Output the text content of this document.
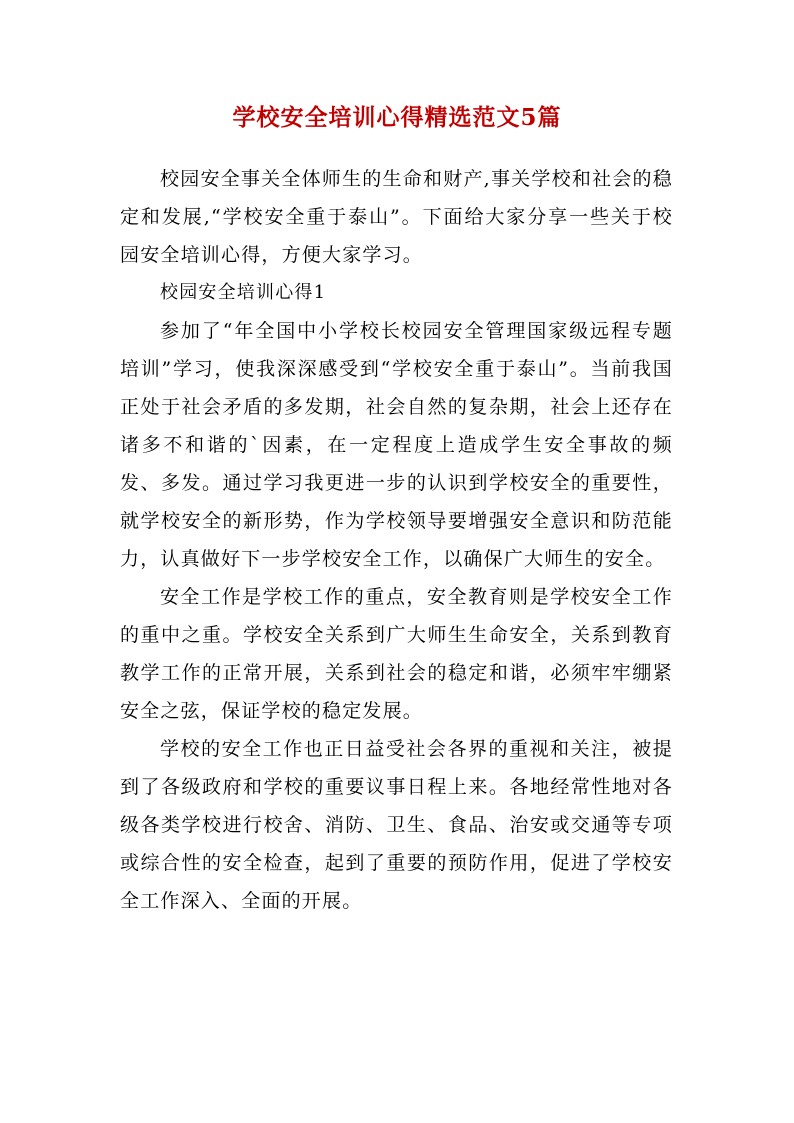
学校安全培训心得精选范文5篇

校园安全事关全体师生的生命和财产,事关学校和社会的稳定和发展,“学校安全重于泰山”。下面给大家分享一些关于校园安全培训心得，方便大家学习。

校园安全培训心得1

参加了“年全国中小学校长校园安全管理国家级远程专题培训”学习，使我深深感受到“学校安全重于泰山”。当前我国正处于社会矛盾的多发期，社会自然的复杂期，社会上还存在诸多不和谐的`因素，在一定程度上造成学生安全事故的频发、多发。通过学习我更进一步的认识到学校安全的重要性，就学校安全的新形势，作为学校领导要增强安全意识和防范能力，认真做好下一步学校安全工作，以确保广大师生的安全。

安全工作是学校工作的重点，安全教育则是学校安全工作的重中之重。学校安全关系到广大师生生命安全，关系到教育教学工作的正常开展，关系到社会的稳定和谐，必须牢牢绷紧安全之弦，保证学校的稳定发展。

学校的安全工作也正日益受社会各界的重视和关注，被提到了各级政府和学校的重要议事日程上来。各地经常性地对各级各类学校进行校舍、消防、卫生、食品、治安或交通等专项或综合性的安全检查，起到了重要的预防作用，促进了学校安全工作深入、全面的开展。
